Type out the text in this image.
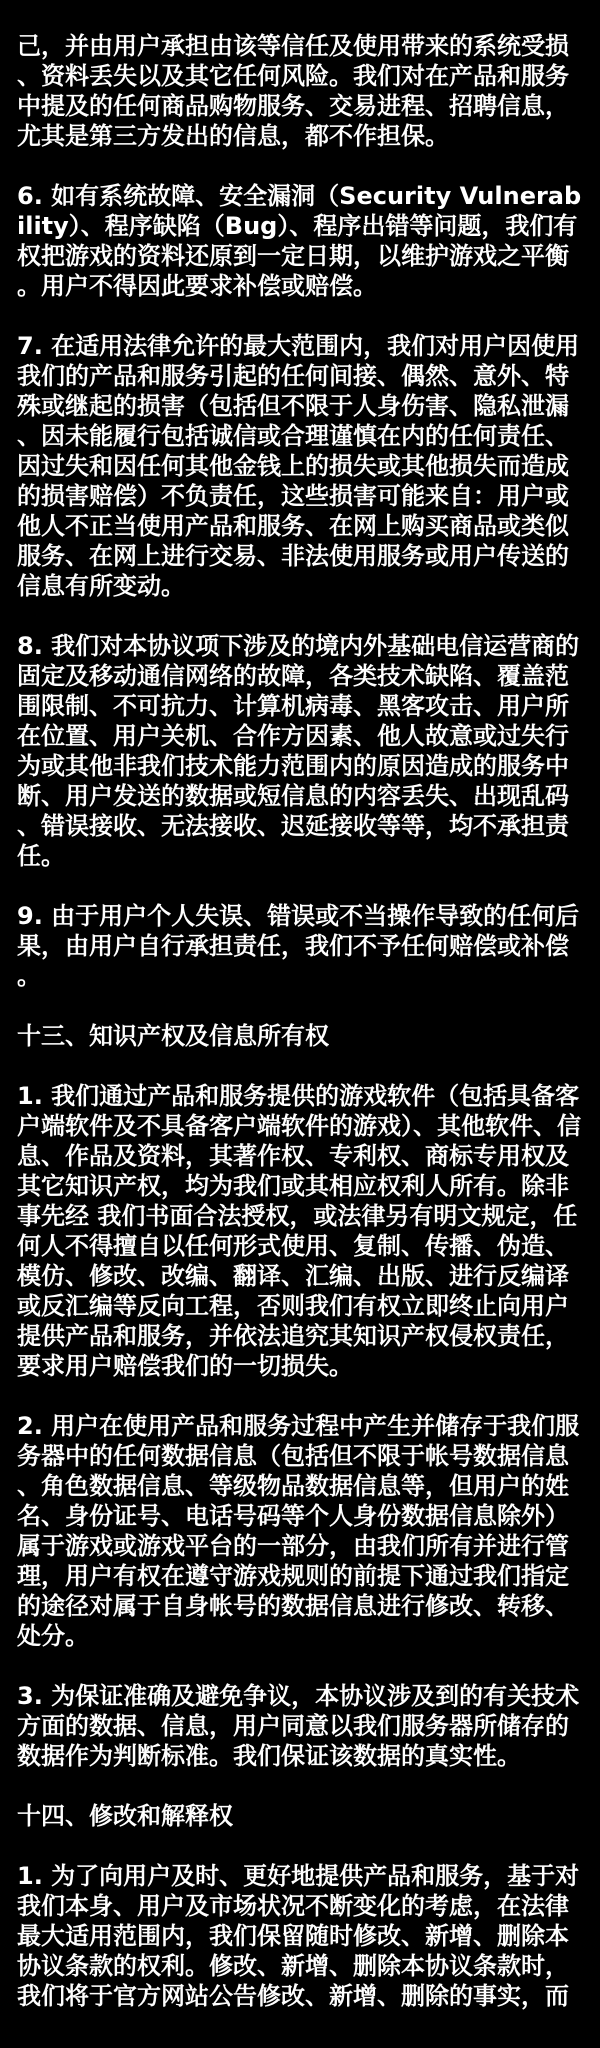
己，并由用户承担由该等信任及使用带来的系统受损、资料丢失以及其它任何风险。我们对在产品和服务中提及的任何商品购物服务、交易进程、招聘信息，尤其是第三方发出的信息，都不作担保。
6. 如有系统故障、安全漏洞（Security Vulnerability）、程序缺陷（Bug）、程序出错等问题，我们有权把游戏的资料还原到一定日期，以维护游戏之平衡。用户不得因此要求补偿或赔偿。
7. 在适用法律允许的最大范围内，我们对用户因使用我们的产品和服务引起的任何间接、偶然、意外、特殊或继起的损害（包括但不限于人身伤害、隐私泄漏、因未能履行包括诚信或合理谨慎在内的任何责任、因过失和因任何其他金钱上的损失或其他损失而造成的损害赔偿）不负责任，这些损害可能来自：用户或他人不正当使用产品和服务、在网上购买商品或类似服务、在网上进行交易、非法使用服务或用户传送的信息有所变动。
8. 我们对本协议项下涉及的境内外基础电信运营商的固定及移动通信网络的故障，各类技术缺陷、覆盖范围限制、不可抗力、计算机病毒、黑客攻击、用户所在位置、用户关机、合作方因素、他人故意或过失行为或其他非我们技术能力范围内的原因造成的服务中断、用户发送的数据或短信息的内容丢失、出现乱码、错误接收、无法接收、迟延接收等等，均不承担责任。
9. 由于用户个人失误、错误或不当操作导致的任何后果，由用户自行承担责任，我们不予任何赔偿或补偿。
十三、知识产权及信息所有权
1. 我们通过产品和服务提供的游戏软件（包括具备客户端软件及不具备客户端软件的游戏）、其他软件、信息、作品及资料，其著作权、专利权、商标专用权及其它知识产权，均为我们或其相应权利人所有。除非事先经 我们书面合法授权，或法律另有明文规定，任何人不得擅自以任何形式使用、复制、传播、伪造、模仿、修改、改编、翻译、汇编、出版、进行反编译或反汇编等反向工程，否则我们有权立即终止向用户提供产品和服务，并依法追究其知识产权侵权责任，要求用户赔偿我们的一切损失。
2. 用户在使用产品和服务过程中产生并储存于我们服务器中的任何数据信息（包括但不限于帐号数据信息、角色数据信息、等级物品数据信息等，但用户的姓名、身份证号、电话号码等个人身份数据信息除外）属于游戏或游戏平台的一部分，由我们所有并进行管理，用户有权在遵守游戏规则的前提下通过我们指定的途径对属于自身帐号的数据信息进行修改、转移、处分。
3. 为保证准确及避免争议，本协议涉及到的有关技术方面的数据、信息，用户同意以我们服务器所储存的数据作为判断标准。我们保证该数据的真实性。
十四、修改和解释权
1. 为了向用户及时、更好地提供产品和服务，基于对我们本身、用户及市场状况不断变化的考虑，在法律最大适用范围内，我们保留随时修改、新增、删除本协议条款的权利。修改、新增、删除本协议条款时，我们将于官方网站公告修改、新增、删除的事实，而
